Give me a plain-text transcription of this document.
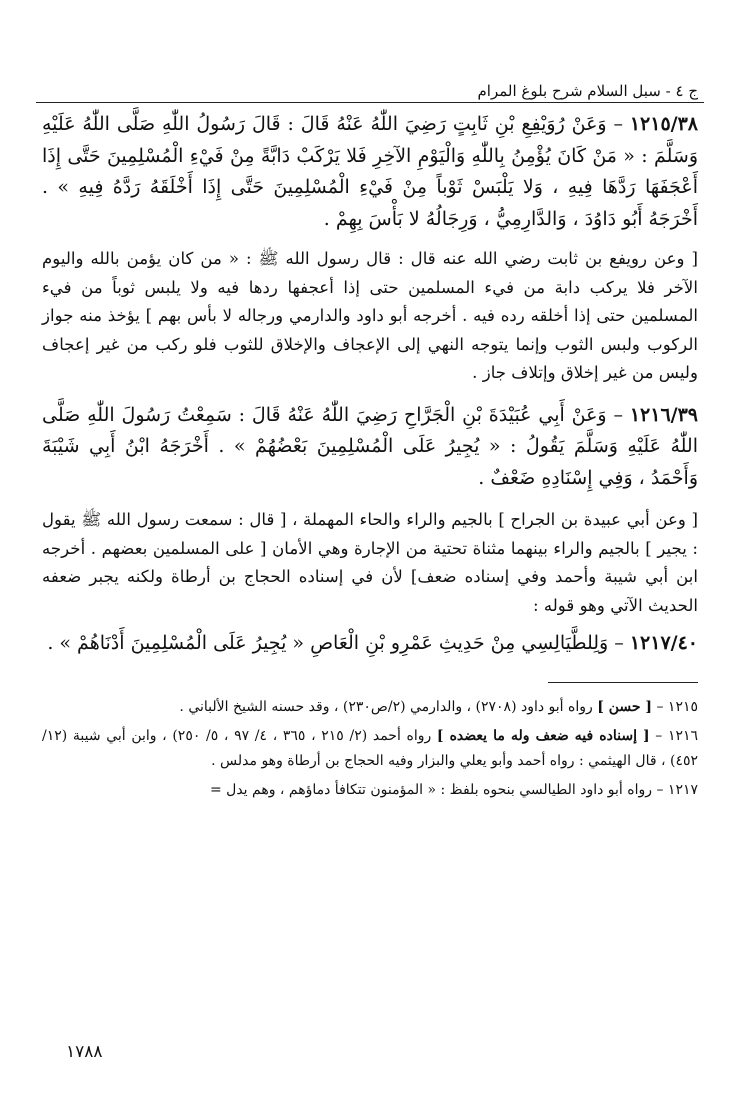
ج ٤ - سبل السلام شرح بلوغ المرام

١٢١٥/٣٨ – وَعَنْ رُوَيْفِعِ بْنِ ثَابِتٍ رَضِيَ اللّٰهُ عَنْهُ قَالَ : قَالَ رَسُولُ اللّٰهِ صَلَّى اللّٰهُ عَلَيْهِ وَسَلَّمَ : « مَنْ كَانَ يُؤْمِنُ بِاللّٰهِ وَالْيَوْمِ الآخِرِ فَلا يَرْكَبْ دَابَّةً مِنْ فَيْءِ الْمُسْلِمِينَ حَتَّى إِذَا أَعْجَفَهَا رَدَّهَا فِيهِ ، وَلا يَلْبَسْ ثَوْباً مِنْ فَيْءِ الْمُسْلِمِينَ حَتَّى إِذَا أَخْلَقَهُ رَدَّهُ فِيهِ » . أَخْرَجَهُ أَبُو دَاوُدَ ، وَالدَّارِمِيُّ ، وَرِجَالُهُ لا بَأْسَ بِهِمْ .

[ وعن رويفع بن ثابت رضي الله عنه قال : قال رسول الله ﷺ : « من كان يؤمن بالله واليوم الآخر فلا يركب دابة من فيء المسلمين حتى إذا أعجفها ردها فيه ولا يلبس ثوباً من فيء المسلمين حتى إذا أخلقه رده فيه . أخرجه أبو داود والدارمي ورجاله لا بأس بهم ] يؤخذ منه جواز الركوب ولبس الثوب وإنما يتوجه النهي إلى الإعجاف والإخلاق للثوب فلو ركب من غير إعجاف وليس من غير إخلاق وإتلاف جاز .

١٢١٦/٣٩ – وَعَنْ أَبِي عُبَيْدَةَ بْنِ الْجَرَّاحِ رَضِيَ اللّٰهُ عَنْهُ قَالَ : سَمِعْتُ رَسُولَ اللّٰهِ صَلَّى اللّٰهُ عَلَيْهِ وَسَلَّمَ يَقُولُ : « يُجِيرُ عَلَى الْمُسْلِمِينَ بَعْضُهُمْ » . أَخْرَجَهُ ابْنُ أَبِي شَيْبَةَ وَأَحْمَدُ ، وَفِي إِسْنَادِهِ ضَعْفٌ .

[ وعن أبي عبيدة بن الجراح ] بالجيم والراء والحاء المهملة ، [ قال : سمعت رسول الله ﷺ يقول : يجير ] بالجيم والراء بينهما مثناة تحتية من الإجارة وهي الأمان [ على المسلمين بعضهم . أخرجه ابن أبي شيبة وأحمد وفي إسناده ضعف] لأن في إسناده الحجاج بن أرطاة ولكنه يجبر ضعفه الحديث الآتي وهو قوله :

١٢١٧/٤٠ – وَلِلطَّيَالِسِي مِنْ حَدِيثِ عَمْرِو بْنِ الْعَاصِ « يُجِيرُ عَلَى الْمُسْلِمِينَ أَدْنَاهُمْ » .

١٢١٥ – [ حسن ] رواه أبو داود (٢٧٠٨) ، والدارمي (٢/ص٢٣٠) ، وقد حسنه الشيخ الألباني .
١٢١٦ – [ إسناده فيه ضعف وله ما يعضده ] رواه أحمد (٢/ ٢١٥ ، ٣٦٥ ، ٤/ ٩٧ ، ٥/ ٢٥٠) ، وابن أبي شيبة (١٢/ ٤٥٢) ، قال الهيثمي : رواه أحمد وأبو يعلي والبزار وفيه الحجاج بن أرطاة وهو مدلس .
١٢١٧ – رواه أبو داود الطيالسي بنحوه بلفظ : « المؤمنون تتكافأ دماؤهم ، وهم يدل =
١٧٨٨
